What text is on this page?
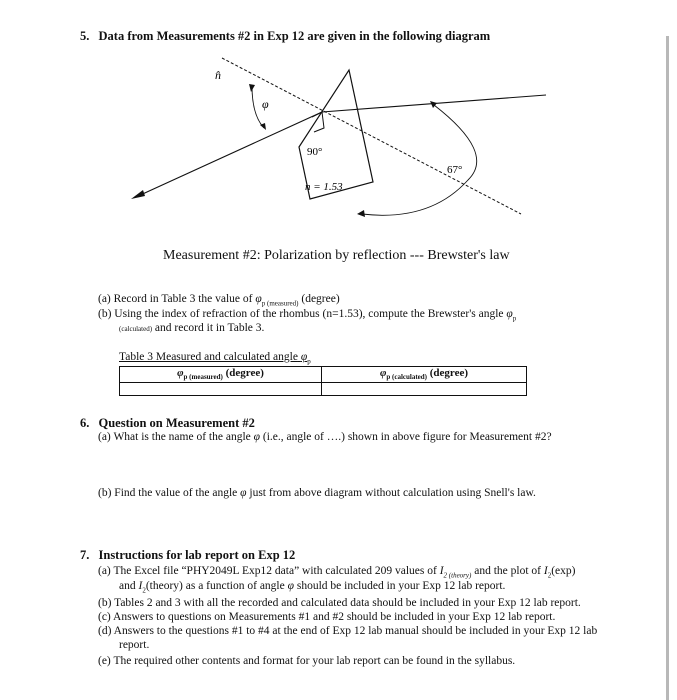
5. Data from Measurements #2 in Exp 12 are given in the following diagram
n̂
φ
90°
67°
n = 1.53
Measurement #2: Polarization by reflection --- Brewster's law
(a) Record in Table 3 the value of $\varphi_{p (measured)}$ (degree)
(b) Using the index of refraction of the rhombus (n=1.53), compute the Brewster's angle $\varphi_p$
(calculated) and record it in Table 3.
Table 3 Measured and calculated angle $\varphi_p$
$\varphi_{p (measured)}$ (degree)	$\varphi_{p (calculated)}$ (degree)

6. Question on Measurement #2
(a) What is the name of the angle φ (i.e., angle of ….) shown in above figure for Measurement #2?
(b) Find the value of the angle φ just from above diagram without calculation using Snell's law.
7. Instructions for lab report on Exp 12
(a) The Excel file “PHY2049L Exp12 data” with calculated 209 values of $I_{2 (theory)}$ and the plot of $I_2(\exp)$
and $I_2(theory)$ as a function of angle φ should be included in your Exp 12 lab report.
(b) Tables 2 and 3 with all the recorded and calculated data should be included in your Exp 12 lab report.
(c) Answers to questions on Measurements #1 and #2 should be included in your Exp 12 lab report.
(d) Answers to the questions #1 to #4 at the end of Exp 12 lab manual should be included in your Exp 12 lab
report.
(e) The required other contents and format for your lab report can be found in the syllabus.
